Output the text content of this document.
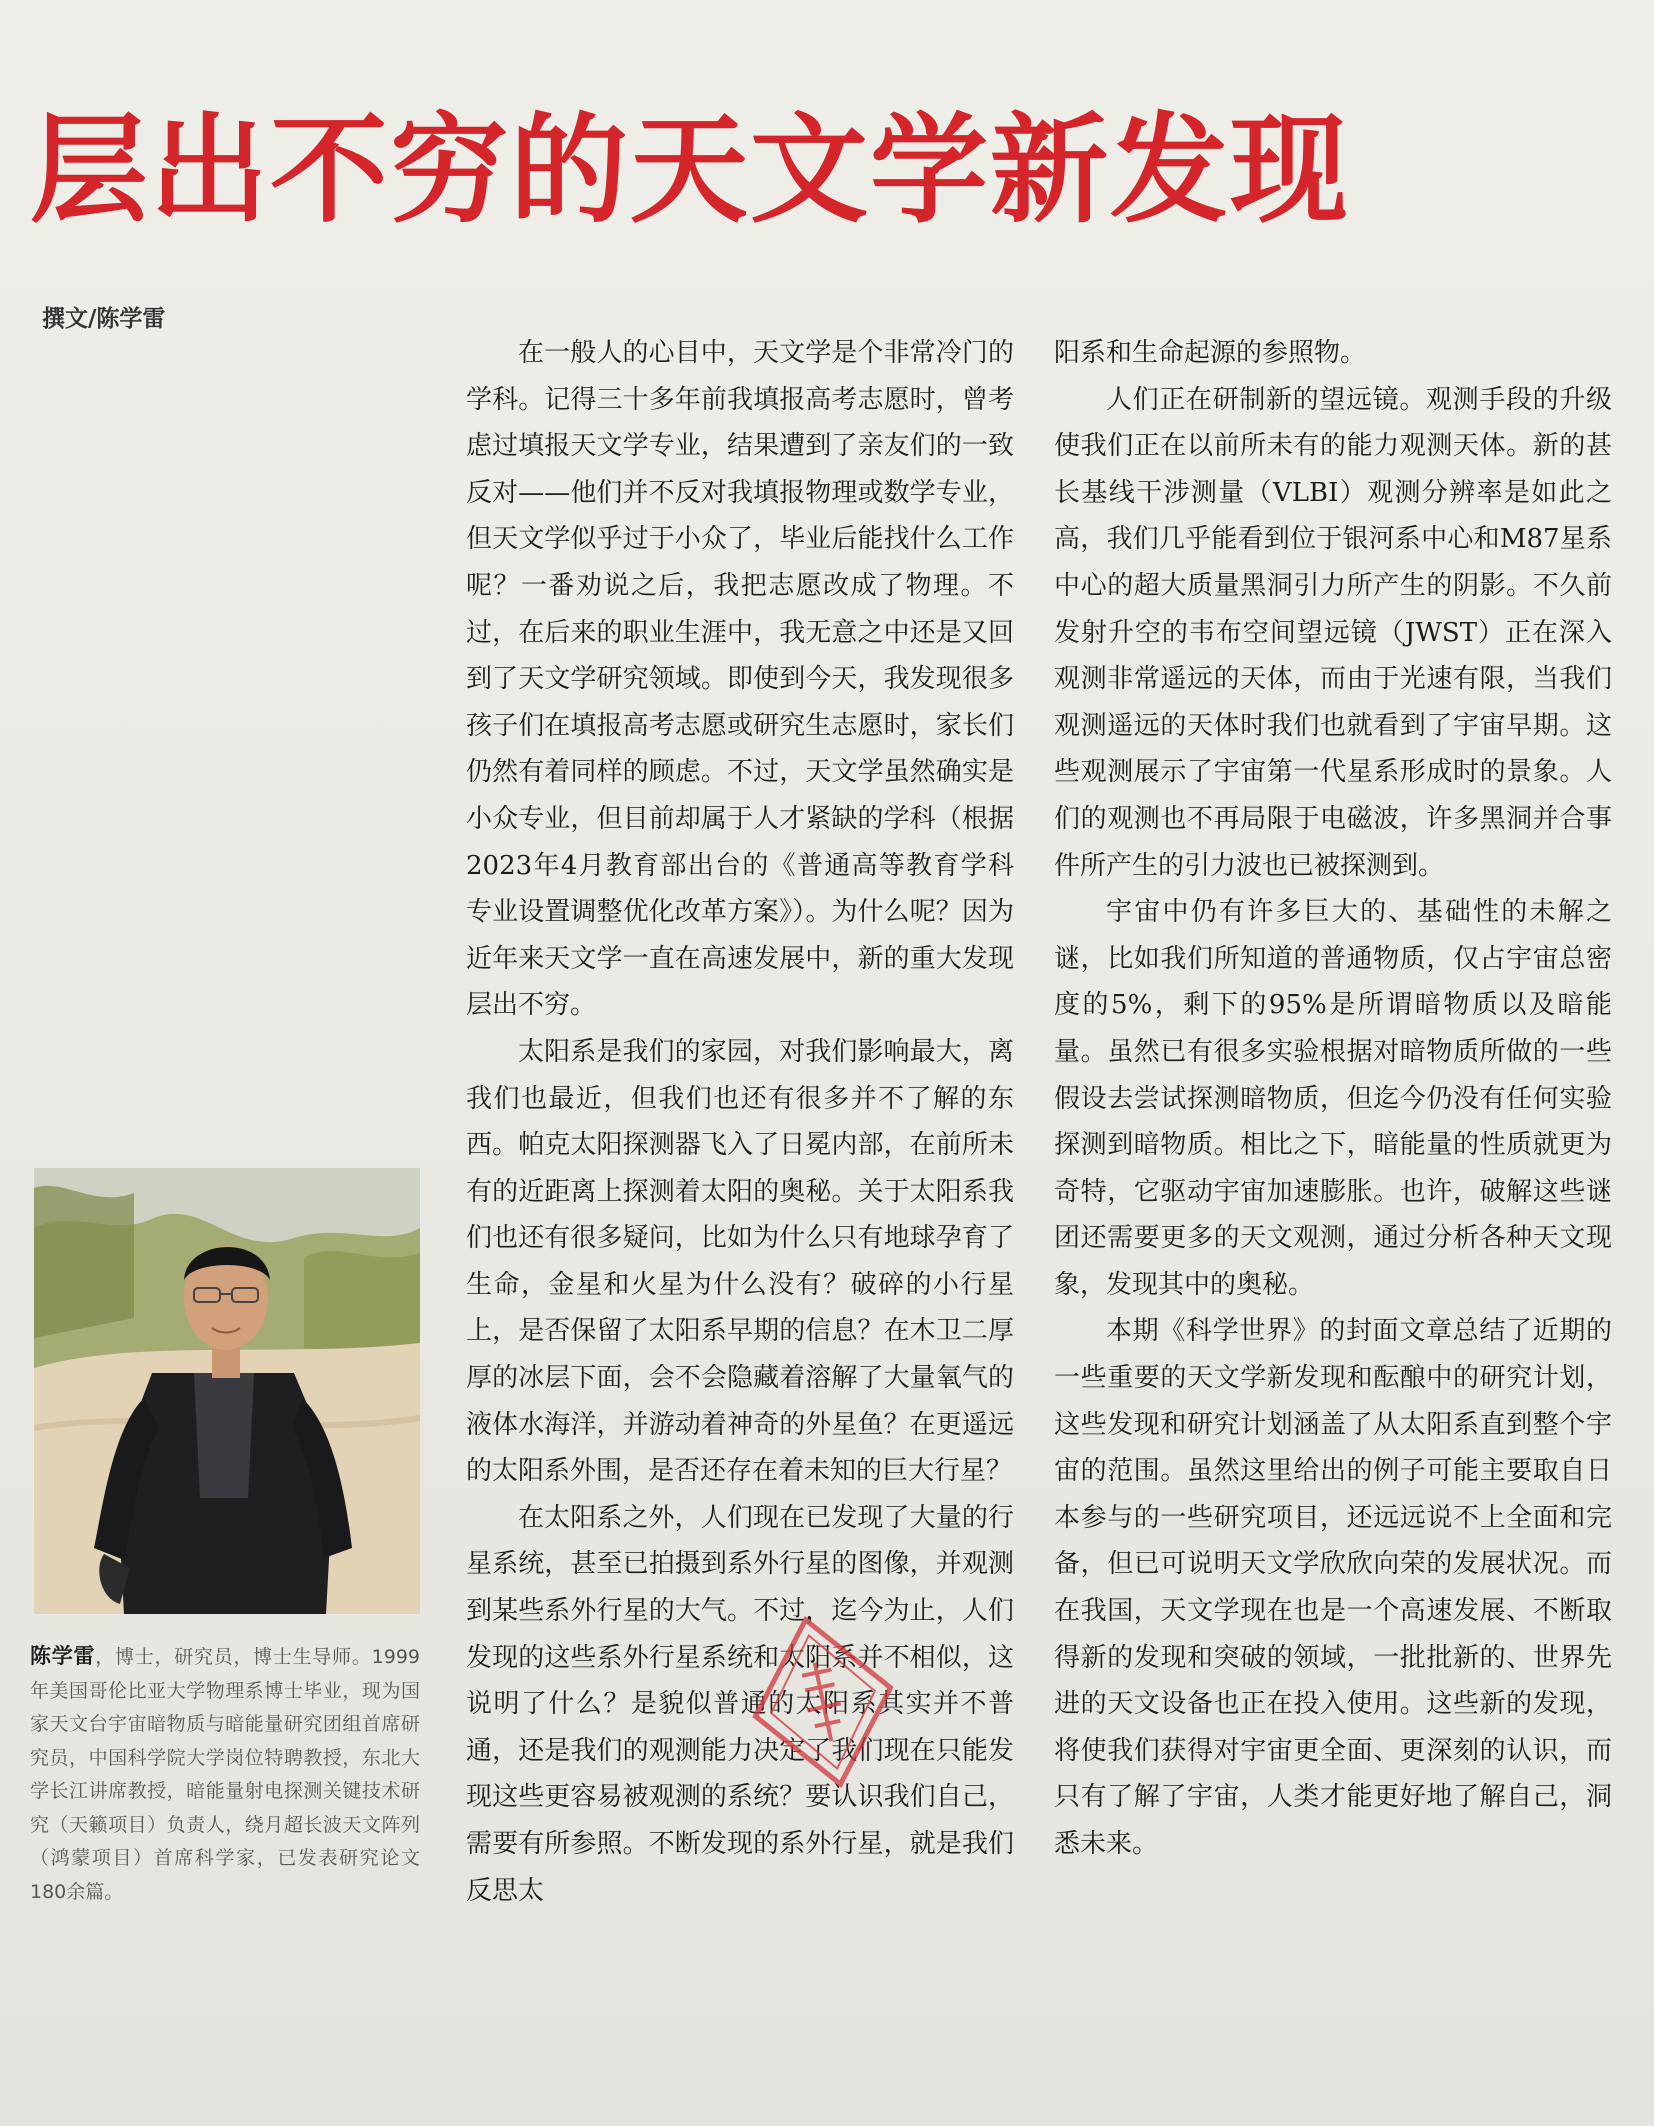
层出不穷的天文学新发现
撰文/陈学雷

在一般人的心目中，天文学是个非常冷门的学科。记得三十多年前我填报高考志愿时，曾考虑过填报天文学专业，结果遭到了亲友们的一致反对——他们并不反对我填报物理或数学专业，但天文学似乎过于小众了，毕业后能找什么工作呢？一番劝说之后，我把志愿改成了物理。不过，在后来的职业生涯中，我无意之中还是又回到了天文学研究领域。即使到今天，我发现很多孩子们在填报高考志愿或研究生志愿时，家长们仍然有着同样的顾虑。不过，天文学虽然确实是小众专业，但目前却属于人才紧缺的学科（根据2023年4月教育部出台的《普通高等教育学科专业设置调整优化改革方案》）。为什么呢？因为近年来天文学一直在高速发展中，新的重大发现层出不穷。

太阳系是我们的家园，对我们影响最大，离我们也最近，但我们也还有很多并不了解的东西。帕克太阳探测器飞入了日冕内部，在前所未有的近距离上探测着太阳的奥秘。关于太阳系我们也还有很多疑问，比如为什么只有地球孕育了生命，金星和火星为什么没有？破碎的小行星上，是否保留了太阳系早期的信息？在木卫二厚厚的冰层下面，会不会隐藏着溶解了大量氧气的液体水海洋，并游动着神奇的外星鱼？在更遥远的太阳系外围，是否还存在着未知的巨大行星？

在太阳系之外，人们现在已发现了大量的行星系统，甚至已拍摄到系外行星的图像，并观测到某些系外行星的大气。不过，迄今为止，人们发现的这些系外行星系统和太阳系并不相似，这说明了什么？是貌似普通的太阳系其实并不普通，还是我们的观测能力决定了我们现在只能发现这些更容易被观测的系统？要认识我们自己，需要有所参照。不断发现的系外行星，就是我们反思太

阳系和生命起源的参照物。

人们正在研制新的望远镜。观测手段的升级使我们正在以前所未有的能力观测天体。新的甚长基线干涉测量（VLBI）观测分辨率是如此之高，我们几乎能看到位于银河系中心和M87星系中心的超大质量黑洞引力所产生的阴影。不久前发射升空的韦布空间望远镜（JWST）正在深入观测非常遥远的天体，而由于光速有限，当我们观测遥远的天体时我们也就看到了宇宙早期。这些观测展示了宇宙第一代星系形成时的景象。人们的观测也不再局限于电磁波，许多黑洞并合事件所产生的引力波也已被探测到。

宇宙中仍有许多巨大的、基础性的未解之谜，比如我们所知道的普通物质，仅占宇宙总密度的5%，剩下的95%是所谓暗物质以及暗能量。虽然已有很多实验根据对暗物质所做的一些假设去尝试探测暗物质，但迄今仍没有任何实验探测到暗物质。相比之下，暗能量的性质就更为奇特，它驱动宇宙加速膨胀。也许，破解这些谜团还需要更多的天文观测，通过分析各种天文现象，发现其中的奥秘。

本期《科学世界》的封面文章总结了近期的一些重要的天文学新发现和酝酿中的研究计划，这些发现和研究计划涵盖了从太阳系直到整个宇宙的范围。虽然这里给出的例子可能主要取自日本参与的一些研究项目，还远远说不上全面和完备，但已可说明天文学欣欣向荣的发展状况。而在我国，天文学现在也是一个高速发展、不断取得新的发现和突破的领域，一批批新的、世界先进的天文设备也正在投入使用。这些新的发现，将使我们获得对宇宙更全面、更深刻的认识，而只有了解了宇宙，人类才能更好地了解自己，洞悉未来。

陈学雷，博士，研究员，博士生导师。1999年美国哥伦比亚大学物理系博士毕业，现为国家天文台宇宙暗物质与暗能量研究团组首席研究员，中国科学院大学岗位特聘教授，东北大学长江讲席教授，暗能量射电探测关键技术研究（天籁项目）负责人，绕月超长波天文阵列（鸿蒙项目）首席科学家，已发表研究论文180余篇。
